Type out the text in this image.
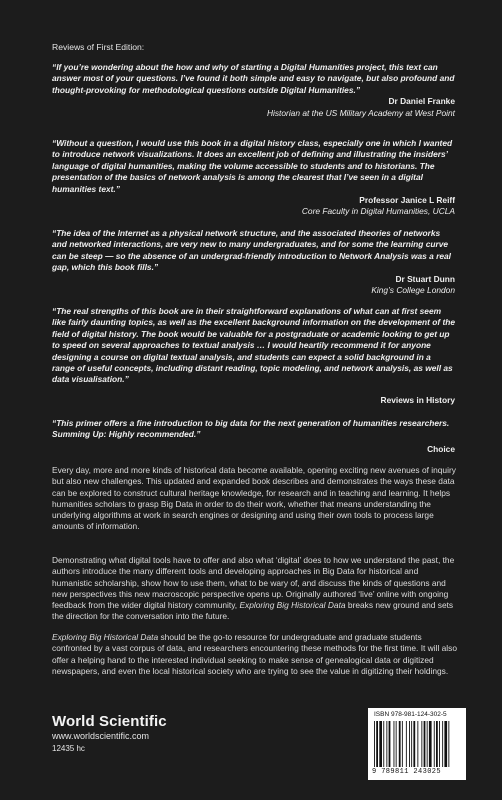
Reviews of First Edition:

“If you’re wondering about the how and why of starting a Digital Humanities project, this text can answer most of your questions. I’ve found it both simple and easy to navigate, but also profound and thought-provoking for methodological questions outside Digital Humanities.”

Dr Daniel Franke
Historian at the US Military Academy at West Point

“Without a question, I would use this book in a digital history class, especially one in which I wanted to introduce network visualizations. It does an excellent job of defining and illustrating the insiders’ language of digital humanities, making the volume accessible to students and to historians. The presentation of the basics of network analysis is among the clearest that I’ve seen in a digital humanities text.”

Professor Janice L Reiff
Core Faculty in Digital Humanities, UCLA

“The idea of the Internet as a physical network structure, and the associated theories of networks and networked interactions, are very new to many undergraduates, and for some the learning curve can be steep — so the absence of an undergrad-friendly introduction to Network Analysis was a real gap, which this book fills.”

Dr Stuart Dunn
King’s College London

“The real strengths of this book are in their straightforward explanations of what can at first seem like fairly daunting topics, as well as the excellent background information on the development of the field of digital history. The book would be valuable for a postgraduate or academic looking to get up to speed on several approaches to textual analysis … I would heartily recommend it for anyone designing a course on digital textual analysis, and students can expect a solid background in a range of useful concepts, including distant reading, topic modeling, and network analysis, as well as data visualisation.”

Reviews in History

“This primer offers a fine introduction to big data for the next generation of humanities researchers. Summing Up: Highly recommended.”

Choice

Every day, more and more kinds of historical data become available, opening exciting new avenues of inquiry but also new challenges. This updated and expanded book describes and demonstrates the ways these data can be explored to construct cultural heritage knowledge, for research and in teaching and learning. It helps humanities scholars to grasp Big Data in order to do their work, whether that means understanding the underlying algorithms at work in search engines or designing and using their own tools to process large amounts of information.

Demonstrating what digital tools have to offer and also what ‘digital’ does to how we understand the past, the authors introduce the many different tools and developing approaches in Big Data for historical and humanistic scholarship, show how to use them, what to be wary of, and discuss the kinds of questions and new perspectives this new macroscopic perspective opens up. Originally authored ‘live’ online with ongoing feedback from the wider digital history community, Exploring Big Historical Data breaks new ground and sets the direction for the conversation into the future.

Exploring Big Historical Data should be the go-to resource for undergraduate and graduate students confronted by a vast corpus of data, and researchers encountering these methods for the first time. It will also offer a helping hand to the interested individual seeking to make sense of genealogical data or digitized newspapers, and even the local historical society who are trying to see the value in digitizing their holdings.

World Scientific
www.worldscientific.com
12435 hc
ISBN 978-981-124-302-5
9 789811 243025
